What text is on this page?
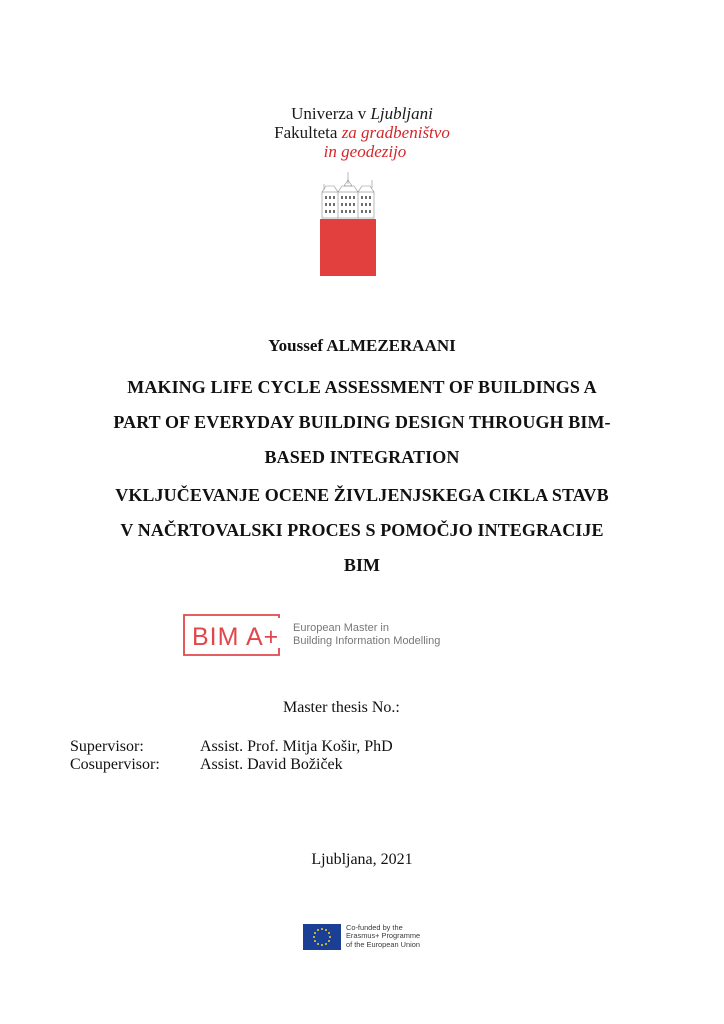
Univerza v Ljubljani
Fakulteta za gradbeništvo
in geodezijo
Youssef ALMEZERAANI
MAKING LIFE CYCLE ASSESSMENT OF BUILDINGS A
PART OF EVERYDAY BUILDING DESIGN THROUGH BIM-
BASED INTEGRATION
VKLJUČEVANJE OCENE ŽIVLJENJSKEGA CIKLA STAVB
V NAČRTOVALSKI PROCES S POMOČJO INTEGRACIJE
BIM
BIM A+ European Master in
Building Information Modelling
Master thesis No.:
Supervisor:	Assist. Prof. Mitja Košir, PhD
Cosupervisor:	Assist. David Božiček
Ljubljana, 2021
Co-funded by the
Erasmus+ Programme
of the European Union
